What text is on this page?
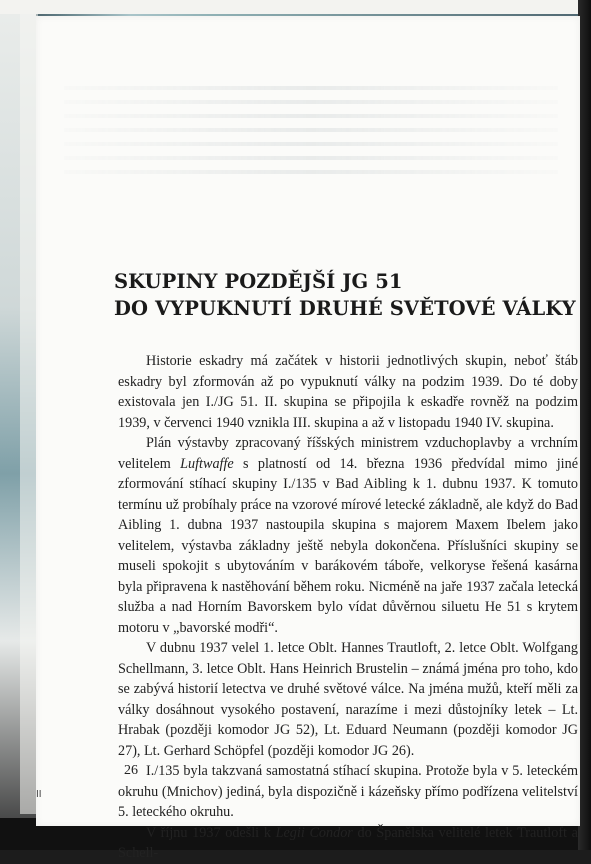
SKUPINY POZDĚJŠÍ JG 51
DO VYPUKNUTÍ DRUHÉ SVĚTOVÉ VÁLKY

Historie eskadry má začátek v historii jednotlivých skupin, neboť štáb eskadry byl zformován až po vypuknutí války na podzim 1939. Do té doby existovala jen I./JG 51. II. skupina se připojila k eskadře rovněž na podzim 1939, v červenci 1940 vznikla III. skupina a až v listopadu 1940 IV. skupina.

Plán výstavby zpracovaný říšských ministrem vzduchoplavby a vrchním velitelem Luftwaffe s platností od 14. března 1936 předvídal mimo jiné zformování stíhací skupiny I./135 v Bad Aibling k 1. dubnu 1937. K tomuto termínu už probíhaly práce na vzorové mírové letecké základně, ale když do Bad Aibling 1. dubna 1937 nastoupila skupina s majorem Maxem Ibelem jako velitelem, výstavba základny ještě nebyla dokončena. Příslušníci skupiny se museli spokojit s ubytováním v barákovém táboře, velkoryse řešená kasárna byla připravena k nastěhování během roku. Nicméně na jaře 1937 začala letecká služba a nad Horním Bavorskem bylo vídat důvěrnou siluetu He 51 s krytem motoru v „bavorské modři“.

V dubnu 1937 velel 1. letce Oblt. Hannes Trautloft, 2. letce Oblt. Wolfgang Schellmann, 3. letce Oblt. Hans Heinrich Brustelin – známá jména pro toho, kdo se zabývá historií letectva ve druhé světové válce. Na jména mužů, kteří měli za války dosáhnout vysokého postavení, narazíme i mezi důstojníky letek – Lt. Hrabak (později komodor JG 52), Lt. Eduard Neumann (později komodor JG 27), Lt. Gerhard Schöpfel (později komodor JG 26).

I./135 byla takzvaná samostatná stíhací skupina. Protože byla v 5. leteckém okruhu (Mnichov) jediná, byla dispozičně i kázeňsky přímo podřízena velitelství 5. leteckého okruhu.

V říjnu 1937 odešli k Legii Condor do Španělska velitelé letek Trautloft a Schell-

26
II
